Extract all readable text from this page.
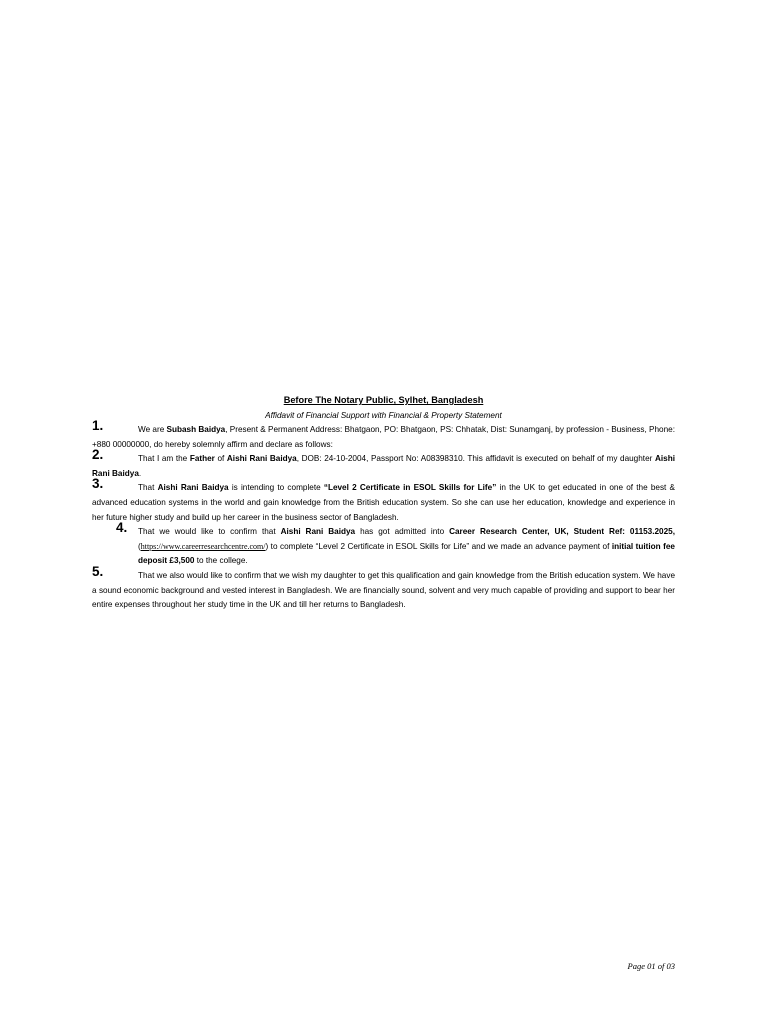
Before The Notary Public, Sylhet, Bangladesh
Affidavit of Financial Support with Financial & Property Statement
1.	We are Subash Baidya, Present & Permanent Address: Bhatgaon, PO: Bhatgaon, PS: Chhatak, Dist: Sunamganj, by profession - Business, Phone: +880 00000000, do hereby solemnly affirm and declare as follows:
2.	That I am the Father of Aishi Rani Baidya, DOB: 24-10-2004, Passport No: A08398310. This affidavit is executed on behalf of my daughter Aishi Rani Baidya.
3.	That Aishi Rani Baidya is intending to complete “Level 2 Certificate in ESOL Skills for Life” in the UK to get educated in one of the best & advanced education systems in the world and gain knowledge from the British education system. So she can use her education, knowledge and experience in her future higher study and build up her career in the business sector of Bangladesh.
4. That we would like to confirm that Aishi Rani Baidya has got admitted into Career Research Center, UK, Student Ref: 01153.2025, (https://www.careerresearchcentre.com/) to complete “Level 2 Certificate in ESOL Skills for Life” and we made an advance payment of initial tuition fee deposit £3,500 to the college.
5.	That we also would like to confirm that we wish my daughter to get this qualification and gain knowledge from the British education system. We have a sound economic background and vested interest in Bangladesh. We are financially sound, solvent and very much capable of providing and support to bear her entire expenses throughout her study time in the UK and till her returns to Bangladesh.
Page 01 of 03
